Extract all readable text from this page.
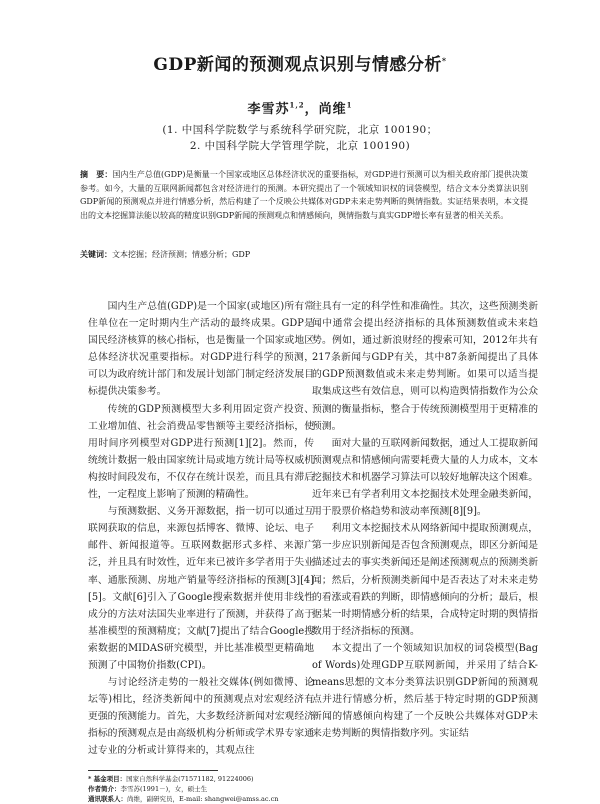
GDP新闻的预测观点识别与情感分析*
李雪苏$^{1,2}$，尚维$^1$
(1. 中国科学院数学与系统科学研究院，北京 100190；
2. 中国科学院大学管理学院，北京 100190)
摘　要：国内生产总值(GDP)是衡量一个国家或地区总体经济状况的重要指标，对GDP进行预测可以为相关政府部门提供决策参考。如今，大量的互联网新闻都包含对经济进行的预测。本研究提出了一个领域知识权的词袋模型，结合文本分类算法识别GDP新闻的预测观点并进行情感分析，然后构建了一个反映公共媒体对GDP未来走势判断的舆情指数。实证结果表明，本文提出的文本挖掘算法能以较高的精度识别GDP新闻的预测观点和情感倾向，舆情指数与真实GDP增长率有显著的相关关系。
关键词：文本挖掘；经济预测；情感分析；GDP

国内生产总值(GDP)是一个国家(或地区)所有常住单位在一定时期内生产活动的最终成果。GDP是国民经济核算的核心指标，也是衡量一个国家或地区总体经济状况重要指标。对GDP进行科学的预测，可以为政府统计部门和发展计划部门制定经济发展目标提供决策参考。

传统的GDP预测模型大多利用固定资产投资、工业增加值、社会消费品零售额等主要经济指标，使用时间序列模型对GDP进行预测[1][2]。然而，传统统计数据一般由国家统计局或地方统计局等权威机构按时间段发布，不仅存在统计误差，而且具有滞后性，一定程度上影响了预测的精确性。

与预测数据、义务开源数据，指一切可以通过互联网获取的信息，来源包括博客、微博、论坛、电子邮件、新闻报道等。互联网数据形式多样、来源广泛，并且具有时效性，近年来已被许多学者用于失业率、通胀预测、房地产销量等经济指标的预测[3][4][5]。文献[6]引入了Google搜索数据并使用非线性成分的方法对法国失业率进行了预测，并获得了高于基准模型的预测精度；文献[7]提出了结合Google搜索数据的MIDAS研究模型，并比基准模型更精确地预测了中国物价指数(CPI)。

与讨论经济走势的一般社交媒体(例如微博、论坛等)相比，经济类新闻中的预测观点对宏观经济有更强的预测能力。首先，大多数经济新闻对宏观经济指标的预测观点是由高级机构分析师或学术界专家通过专业的分析或计算得来的，其观点往

往具有一定的科学性和准确性。其次，这些预测类新闻中通常会提出经济指标的具体预测数值或未来趋势。例如，通过新浪财经的搜索可知，2012年共有217条新闻与GDP有关，其中87条新闻提出了具体的GDP预测数值或未来走势判断。如果可以适当提取集成这些有效信息，则可以构造舆情指数作为公众预测的衡量指标，整合于传统预测模型用于更精准的预测。

面对大量的互联网新闻数据，通过人工提取新闻预测观点和情感倾向需要耗费大量的人力成本，文本挖掘技术和机器学习算法可以较好地解决这个困难。近年来已有学者利用文本挖掘技术处理金融类新闻，用于股票价格趋势和波动率预测[8][9]。

利用文本挖掘技术从网络新闻中提取预测观点，第一步应识别新闻是否包含预测观点，即区分新闻是描述过去的事实类新闻还是阐述预测观点的预测类新闻；然后，分析预测类新闻中是否表达了对未来走势的看涨或看跌的判断，即情感倾向的分析；最后，根据某一时期情感分析的结果，合成特定时期的舆情指数用于经济指标的预测。

本文提出了一个领域知识加权的词袋模型(Bag of Words)处理GDP互联网新闻，并采用了结合K-means思想的文本分类算法识别GDP新闻的预测观点并进行情感分析，然后基于特定时期的GDP预测新闻的情感倾向构建了一个反映公共媒体对GDP未来走势判断的舆情指数序列。实证结

* 基金项目：国家自然科学基金(71571182, 91224006)
作者简介：李雪苏(1991－)，女，硕士生
通讯联系人：尚维，副研究员，E-mail: shangwei@amss.ac.cn
